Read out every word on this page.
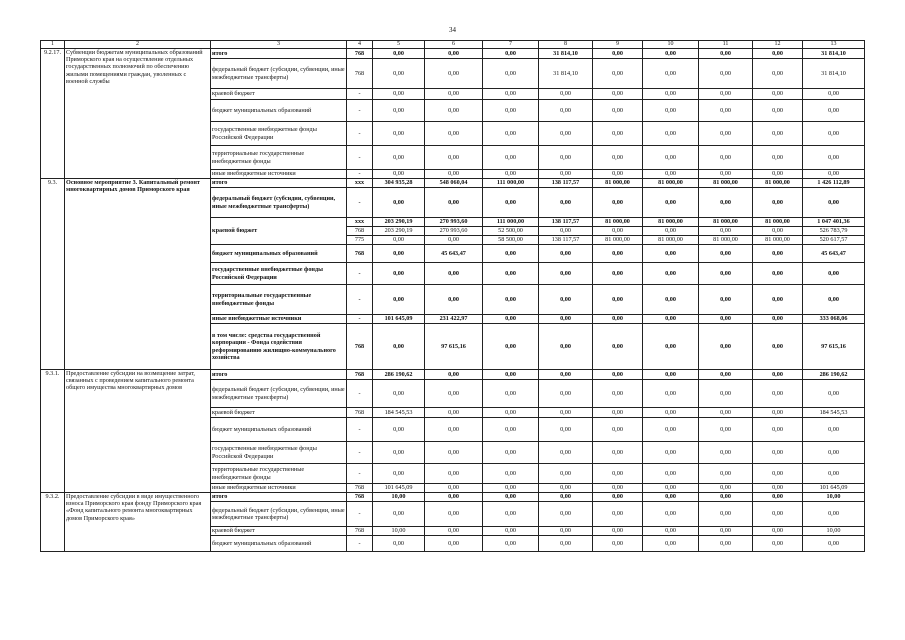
34
1	2	3	4	5	6	7	8	9	10	11	12	13
9.2.17.	Субвенции бюджетам муниципальных образований Приморского края на осуществление отдельных государственных полномочий по обеспечению жилыми помещениями граждан, уволенных с военной службы	итого	768	0,00	0,00	0,00	31 814,10	0,00	0,00	0,00	0,00	31 814,10
		федеральный бюджет (субсидии, субвенции, иные межбюджетные трансферты)	768	0,00	0,00	0,00	31 814,10	0,00	0,00	0,00	0,00	31 814,10
		краевой бюджет	-	0,00	0,00	0,00	0,00	0,00	0,00	0,00	0,00	0,00
		бюджет муниципальных образований	-	0,00	0,00	0,00	0,00	0,00	0,00	0,00	0,00	0,00
		государственные внебюджетные фонды Российской Федерации	-	0,00	0,00	0,00	0,00	0,00	0,00	0,00	0,00	0,00
		территориальные государственные внебюджетные фонды	-	0,00	0,00	0,00	0,00	0,00	0,00	0,00	0,00	0,00
		иные внебюджетные источники	-	0,00	0,00	0,00	0,00	0,00	0,00	0,00	0,00	0,00
9.3.	Основное мероприятие 3. Капитальный ремонт многоквартирных домов Приморского края	итого	ххх	304 935,28	548 060,04	111 000,00	138 117,57	81 000,00	81 000,00	81 000,00	81 000,00	1 426 112,89
		федеральный бюджет (субсидии, субвенции, иные межбюджетные трансферты)	-	0,00	0,00	0,00	0,00	0,00	0,00	0,00	0,00	0,00
		краевой бюджет	ххх	203 290,19	270 993,60	111 000,00	138 117,57	81 000,00	81 000,00	81 000,00	81 000,00	1 047 401,36
			768	203 290,19	270 993,60	52 500,00	0,00	0,00	0,00	0,00	0,00	526 783,79
			775	0,00	0,00	58 500,00	138 117,57	81 000,00	81 000,00	81 000,00	81 000,00	520 617,57
		бюджет муниципальных образований	768	0,00	45 643,47	0,00	0,00	0,00	0,00	0,00	0,00	45 643,47
		государственные внебюджетные фонды Российской Федерации	-	0,00	0,00	0,00	0,00	0,00	0,00	0,00	0,00	0,00
		территориальные государственные внебюджетные фонды	-	0,00	0,00	0,00	0,00	0,00	0,00	0,00	0,00	0,00
		иные внебюджетные источники	-	101 645,09	231 422,97	0,00	0,00	0,00	0,00	0,00	0,00	333 068,06
		в том числе: средства государственной корпорации - Фонда содействия реформированию жилищно-коммунального хозяйства	768	0,00	97 615,16	0,00	0,00	0,00	0,00	0,00	0,00	97 615,16
9.3.1.	Предоставление субсидии на возмещение затрат, связанных с проведением капитального ремонта общего имущества многоквартирных домов	итого	768	286 190,62	0,00	0,00	0,00	0,00	0,00	0,00	0,00	286 190,62
		федеральный бюджет (субсидии, субвенции, иные межбюджетные трансферты)	-	0,00	0,00	0,00	0,00	0,00	0,00	0,00	0,00	0,00
		краевой бюджет	768	184 545,53	0,00	0,00	0,00	0,00	0,00	0,00	0,00	184 545,53
		бюджет муниципальных образований	-	0,00	0,00	0,00	0,00	0,00	0,00	0,00	0,00	0,00
		государственные внебюджетные фонды Российской Федерации	-	0,00	0,00	0,00	0,00	0,00	0,00	0,00	0,00	0,00
		территориальные государственные внебюджетные фонды	-	0,00	0,00	0,00	0,00	0,00	0,00	0,00	0,00	0,00
		иные внебюджетные источники	768	101 645,09	0,00	0,00	0,00	0,00	0,00	0,00	0,00	101 645,09
9.3.2.	Предоставление субсидии в виде имущественного взноса Приморского края фонду Приморского края «Фонд капитального ремонта многоквартирных домов Приморского края»	итого	768	10,00	0,00	0,00	0,00	0,00	0,00	0,00	0,00	10,00
		федеральный бюджет (субсидии, субвенции, иные межбюджетные трансферты)	-	0,00	0,00	0,00	0,00	0,00	0,00	0,00	0,00	0,00
		краевой бюджет	768	10,00	0,00	0,00	0,00	0,00	0,00	0,00	0,00	10,00
		бюджет муниципальных образований	-	0,00	0,00	0,00	0,00	0,00	0,00	0,00	0,00	0,00
